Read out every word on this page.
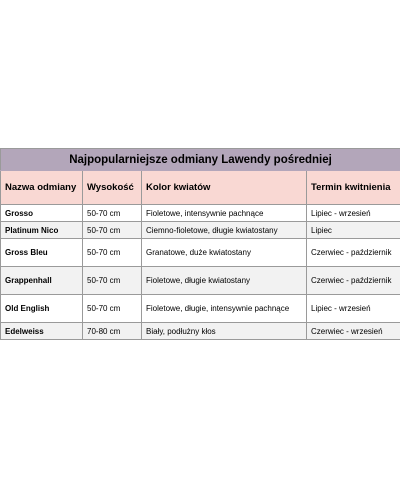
Najpopularniejsze odmiany Lawendy pośredniej			
Nazwa odmiany	Wysokość	Kolor kwiatów	Termin kwitnienia
Grosso	50-70 cm	Fioletowe, intensywnie pachnące	Lipiec - wrzesień
Platinum Nico	50-70 cm	Ciemno-fioletowe, długie kwiatostany	Lipiec
Gross Bleu	50-70 cm	Granatowe, duże kwiatostany	Czerwiec - październik
Grappenhall	50-70 cm	Fioletowe, długie kwiatostany	Czerwiec - październik
Old English	50-70 cm	Fioletowe, długie, intensywnie pachnące	Lipiec - wrzesień
Edelweiss	70-80 cm	Biały, podłużny kłos	Czerwiec - wrzesień
